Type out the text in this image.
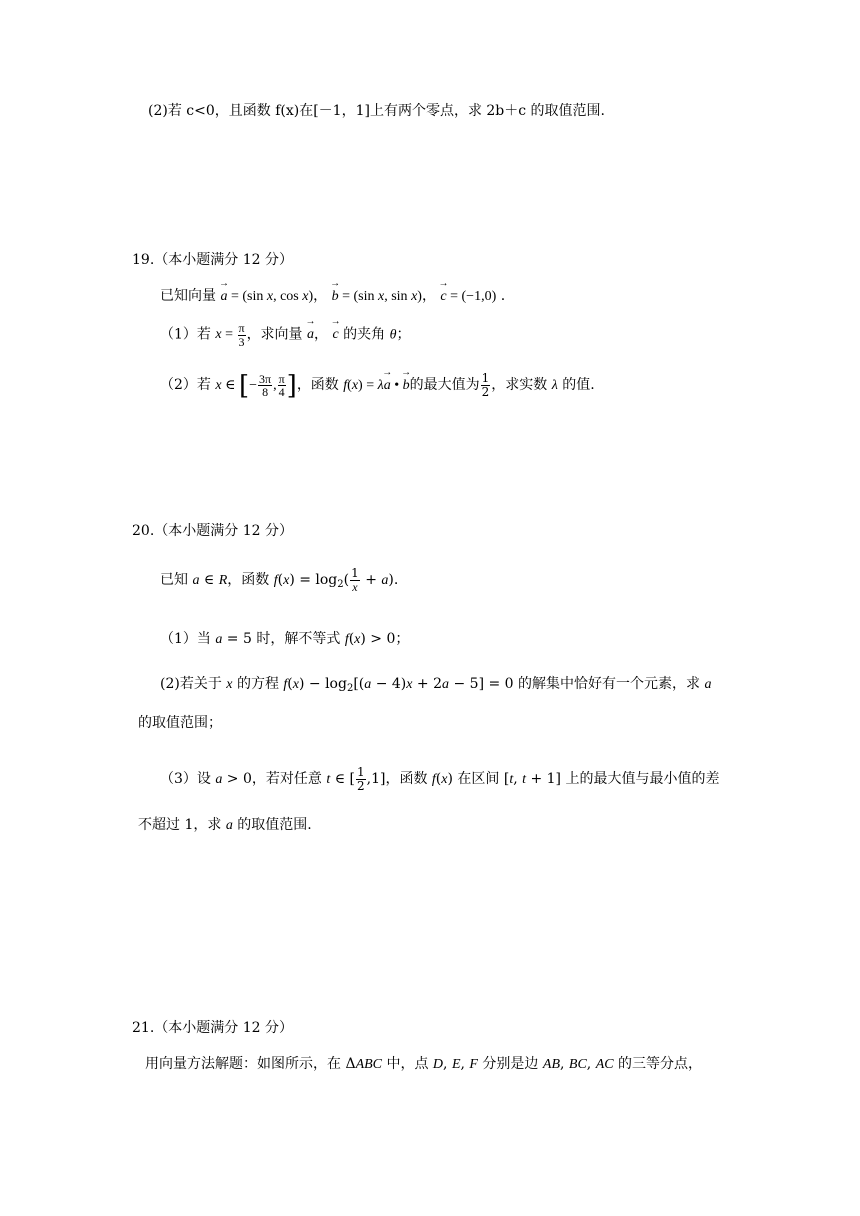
(2)若 c<0，且函数 f(x)在[－1，1]上有两个零点，求 2b＋c 的取值范围.
19.（本小题满分 12 分）
已知向量 → a = (sin x, cos x)， → b = (sin x, sin x)， → c = (−1,0) .
（1）若 $x = \frac{\pi}{3}$ ，求向量 → a， → c 的夹角 θ；
（2）若 x ∈ [− $\frac{3\pi}{8}$ , $\frac{\pi}{4}$ ]，函数 f(x) = λ→ a • → b的最大值为 $\frac{1}{2}$ ，求实数 λ 的值.
20.（本小题满分 12 分）
已知 a ∈ R，函数 $f(x) = \log_2( \frac{1}{x} + a)$.
（1）当 a = 5 时，解不等式 f(x) > 0；
(2)若关于 x 的方程 $f(x) - \log_2[(a - 4)x + 2a - 5] = 0$ 的解集中恰好有一个元素，求 a
的取值范围；
（3）设 a > 0，若对任意 t ∈ [ $\frac{1}{2} ,1$]，函数 f(x) 在区间 [t, t + 1] 上的最大值与最小值的差
不超过 1，求 a 的取值范围.
21.（本小题满分 12 分）
用向量方法解题：如图所示，在 ΔABC 中，点 D, E, F 分别是边 AB, BC, AC 的三等分点，
